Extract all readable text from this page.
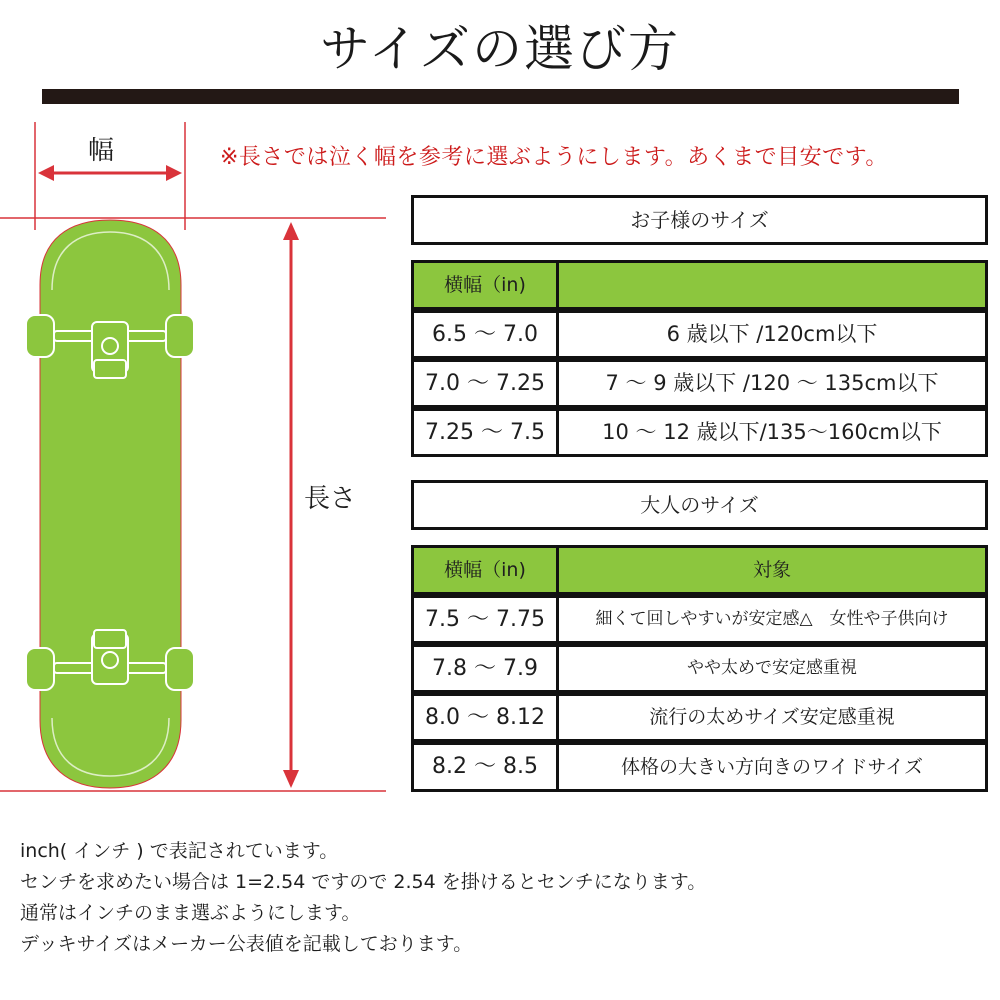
サイズの選び方
※長さでは泣く幅を参考に選ぶようにします。あくまで目安です。
幅
長さ
お子様のサイズ
横幅（in)
6.5 ～ 7.0	6 歳以下 /120cm以下
7.0 ～ 7.25	7 ～ 9 歳以下 /120 ～ 135cm以下
7.25 ～ 7.5	10 ～ 12 歳以下/135～160cm以下
大人のサイズ
横幅（in)	対象
7.5 ～ 7.75	細くて回しやすいが安定感△　女性や子供向け
7.8 ～ 7.9	やや太めで安定感重視
8.0 ～ 8.12	流行の太めサイズ安定感重視
8.2 ～ 8.5	体格の大きい方向きのワイドサイズ
inch( インチ ) で表記されています。
センチを求めたい場合は 1=2.54 ですので 2.54 を掛けるとセンチになります。
通常はインチのまま選ぶようにします。
デッキサイズはメーカー公表値を記載しております。
